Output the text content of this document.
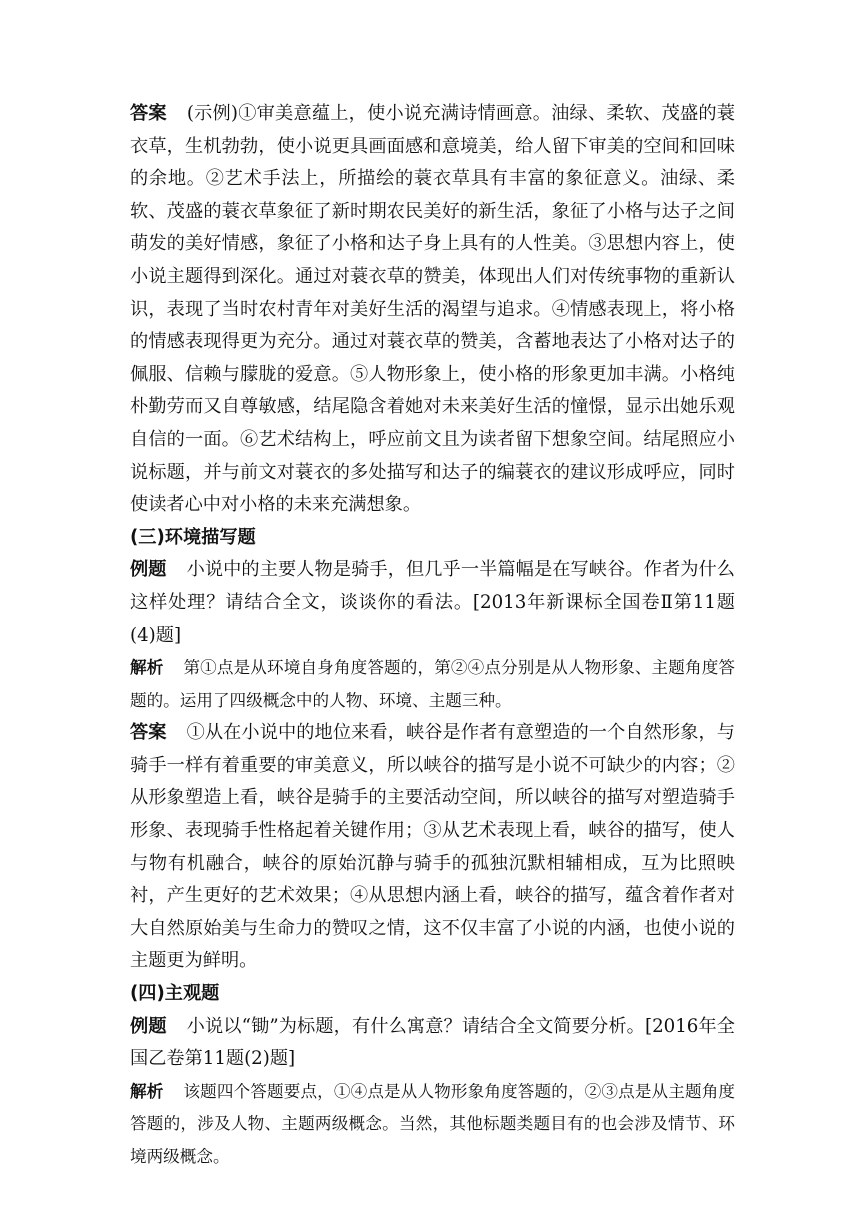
答案 (示例)①审美意蕴上，使小说充满诗情画意。油绿、柔软、茂盛的蓑衣草，生机勃勃，使小说更具画面感和意境美，给人留下审美的空间和回味的余地。②艺术手法上，所描绘的蓑衣草具有丰富的象征意义。油绿、柔软、茂盛的蓑衣草象征了新时期农民美好的新生活，象征了小格与达子之间萌发的美好情感，象征了小格和达子身上具有的人性美。③思想内容上，使小说主题得到深化。通过对蓑衣草的赞美，体现出人们对传统事物的重新认识，表现了当时农村青年对美好生活的渴望与追求。④情感表现上，将小格的情感表现得更为充分。通过对蓑衣草的赞美，含蓄地表达了小格对达子的佩服、信赖与朦胧的爱意。⑤人物形象上，使小格的形象更加丰满。小格纯朴勤劳而又自尊敏感，结尾隐含着她对未来美好生活的憧憬，显示出她乐观自信的一面。⑥艺术结构上，呼应前文且为读者留下想象空间。结尾照应小说标题，并与前文对蓑衣的多处描写和达子的编蓑衣的建议形成呼应，同时使读者心中对小格的未来充满想象。

(三)环境描写题

例题 小说中的主要人物是骑手，但几乎一半篇幅是在写峡谷。作者为什么这样处理？请结合全文，谈谈你的看法。[2013年新课标全国卷Ⅱ第11题(4)题]

解析 第①点是从环境自身角度答题的，第②④点分别是从人物形象、主题角度答题的。运用了四级概念中的人物、环境、主题三种。

答案 ①从在小说中的地位来看，峡谷是作者有意塑造的一个自然形象，与骑手一样有着重要的审美意义，所以峡谷的描写是小说不可缺少的内容；②从形象塑造上看，峡谷是骑手的主要活动空间，所以峡谷的描写对塑造骑手形象、表现骑手性格起着关键作用；③从艺术表现上看，峡谷的描写，使人与物有机融合，峡谷的原始沉静与骑手的孤独沉默相辅相成，互为比照映衬，产生更好的艺术效果；④从思想内涵上看，峡谷的描写，蕴含着作者对大自然原始美与生命力的赞叹之情，这不仅丰富了小说的内涵，也使小说的主题更为鲜明。

(四)主观题

例题 小说以“锄”为标题，有什么寓意？请结合全文简要分析。[2016年全国乙卷第11题(2)题]

解析 该题四个答题要点，①④点是从人物形象角度答题的，②③点是从主题角度答题的，涉及人物、主题两级概念。当然，其他标题类题目有的也会涉及情节、环境两级概念。
